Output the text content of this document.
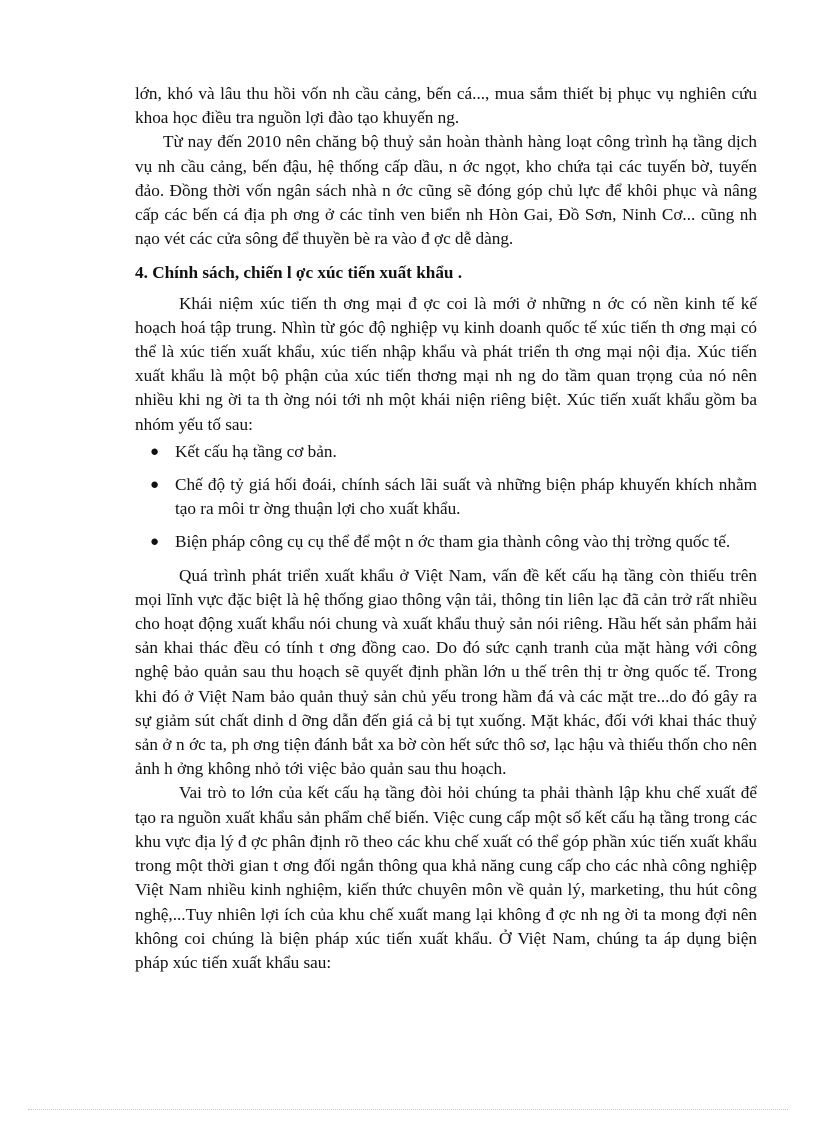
lớn, khó và lâu thu hồi vốn nh cầu cảng, bến cá..., mua sắm thiết bị phục vụ nghiên cứu khoa học điều tra nguồn lợi đào tạo khuyến ng.

Từ nay đến 2010 nên chăng bộ thuỷ sản hoàn thành hàng loạt công trình hạ tầng dịch vụ nh cầu cảng, bến đậu, hệ thống cấp dầu, n ớc ngọt, kho chứa tại các tuyến bờ, tuyến đảo. Đồng thời vốn ngân sách nhà n ớc cũng sẽ đóng góp chủ lực để khôi phục và nâng cấp các bến cá địa ph ơng ở các tỉnh ven biển nh Hòn Gai, Đồ Sơn, Ninh Cơ... cũng nh nạo vét các cửa sông để thuyền bè ra vào đ ợc dễ dàng.

4. Chính sách, chiến l ợc xúc tiến xuất khẩu .

Khái niệm xúc tiến th ơng mại đ ợc coi là mới ở những n ớc có nền kinh tế kế hoạch hoá tập trung. Nhìn từ góc độ nghiệp vụ kinh doanh quốc tế xúc tiến th ơng mại có thể là xúc tiến xuất khẩu, xúc tiến nhập khẩu và phát triển th ơng mại nội địa. Xúc tiến xuất khẩu là một bộ phận của xúc tiến thơng mại nh ng do tầm quan trọng của nó nên nhiều khi ng ời ta th ờng nói tới nh một khái niện riêng biệt. Xúc tiến xuất khẩu gồm ba nhóm yếu tố sau:

● Kết cấu hạ tầng cơ bản.
● Chế độ tỷ giá hối đoái, chính sách lãi suất và những biện pháp khuyến khích nhằm tạo ra môi tr ờng thuận lợi cho xuất khẩu.
● Biện pháp công cụ cụ thể để một n ớc tham gia thành công vào thị trờng quốc tế.

Quá trình phát triển xuất khẩu ở Việt Nam, vấn đề kết cấu hạ tầng còn thiếu trên mọi lĩnh vực đặc biệt là hệ thống giao thông vận tải, thông tin liên lạc đã cản trở rất nhiều cho hoạt động xuất khẩu nói chung và xuất khẩu thuỷ sản nói riêng. Hầu hết sản phẩm hải sản khai thác đều có tính t ơng đồng cao. Do đó sức cạnh tranh của mặt hàng với công nghệ bảo quản sau thu hoạch sẽ quyết định phần lớn u thế trên thị tr ờng quốc tế. Trong khi đó ở Việt Nam bảo quản thuỷ sản chủ yếu trong hầm đá và các mặt tre...do đó gây ra sự giảm sút chất dinh d ỡng dẫn đến giá cả bị tụt xuống. Mặt khác, đối với khai thác thuỷ sản ở n ớc ta, ph ơng tiện đánh bắt xa bờ còn hết sức thô sơ, lạc hậu và thiếu thốn cho nên ảnh h ởng không nhỏ tới việc bảo quản sau thu hoạch.

Vai trò to lớn của kết cấu hạ tầng đòi hỏi chúng ta phải thành lập khu chế xuất để tạo ra nguồn xuất khẩu sản phẩm chế biến. Việc cung cấp một số kết cấu hạ tầng trong các khu vực địa lý đ ợc phân định rõ theo các khu chế xuất có thể góp phần xúc tiến xuất khẩu trong một thời gian t ơng đối ngắn thông qua khả năng cung cấp cho các nhà công nghiệp Việt Nam nhiều kinh nghiệm, kiến thức chuyên môn về quản lý, marketing, thu hút công nghệ,...Tuy nhiên lợi ích của khu chế xuất mang lại không đ ợc nh ng ời ta mong đợi nên không coi chúng là biện pháp xúc tiến xuất khẩu. Ở Việt Nam, chúng ta áp dụng biện pháp xúc tiến xuất khẩu sau:
